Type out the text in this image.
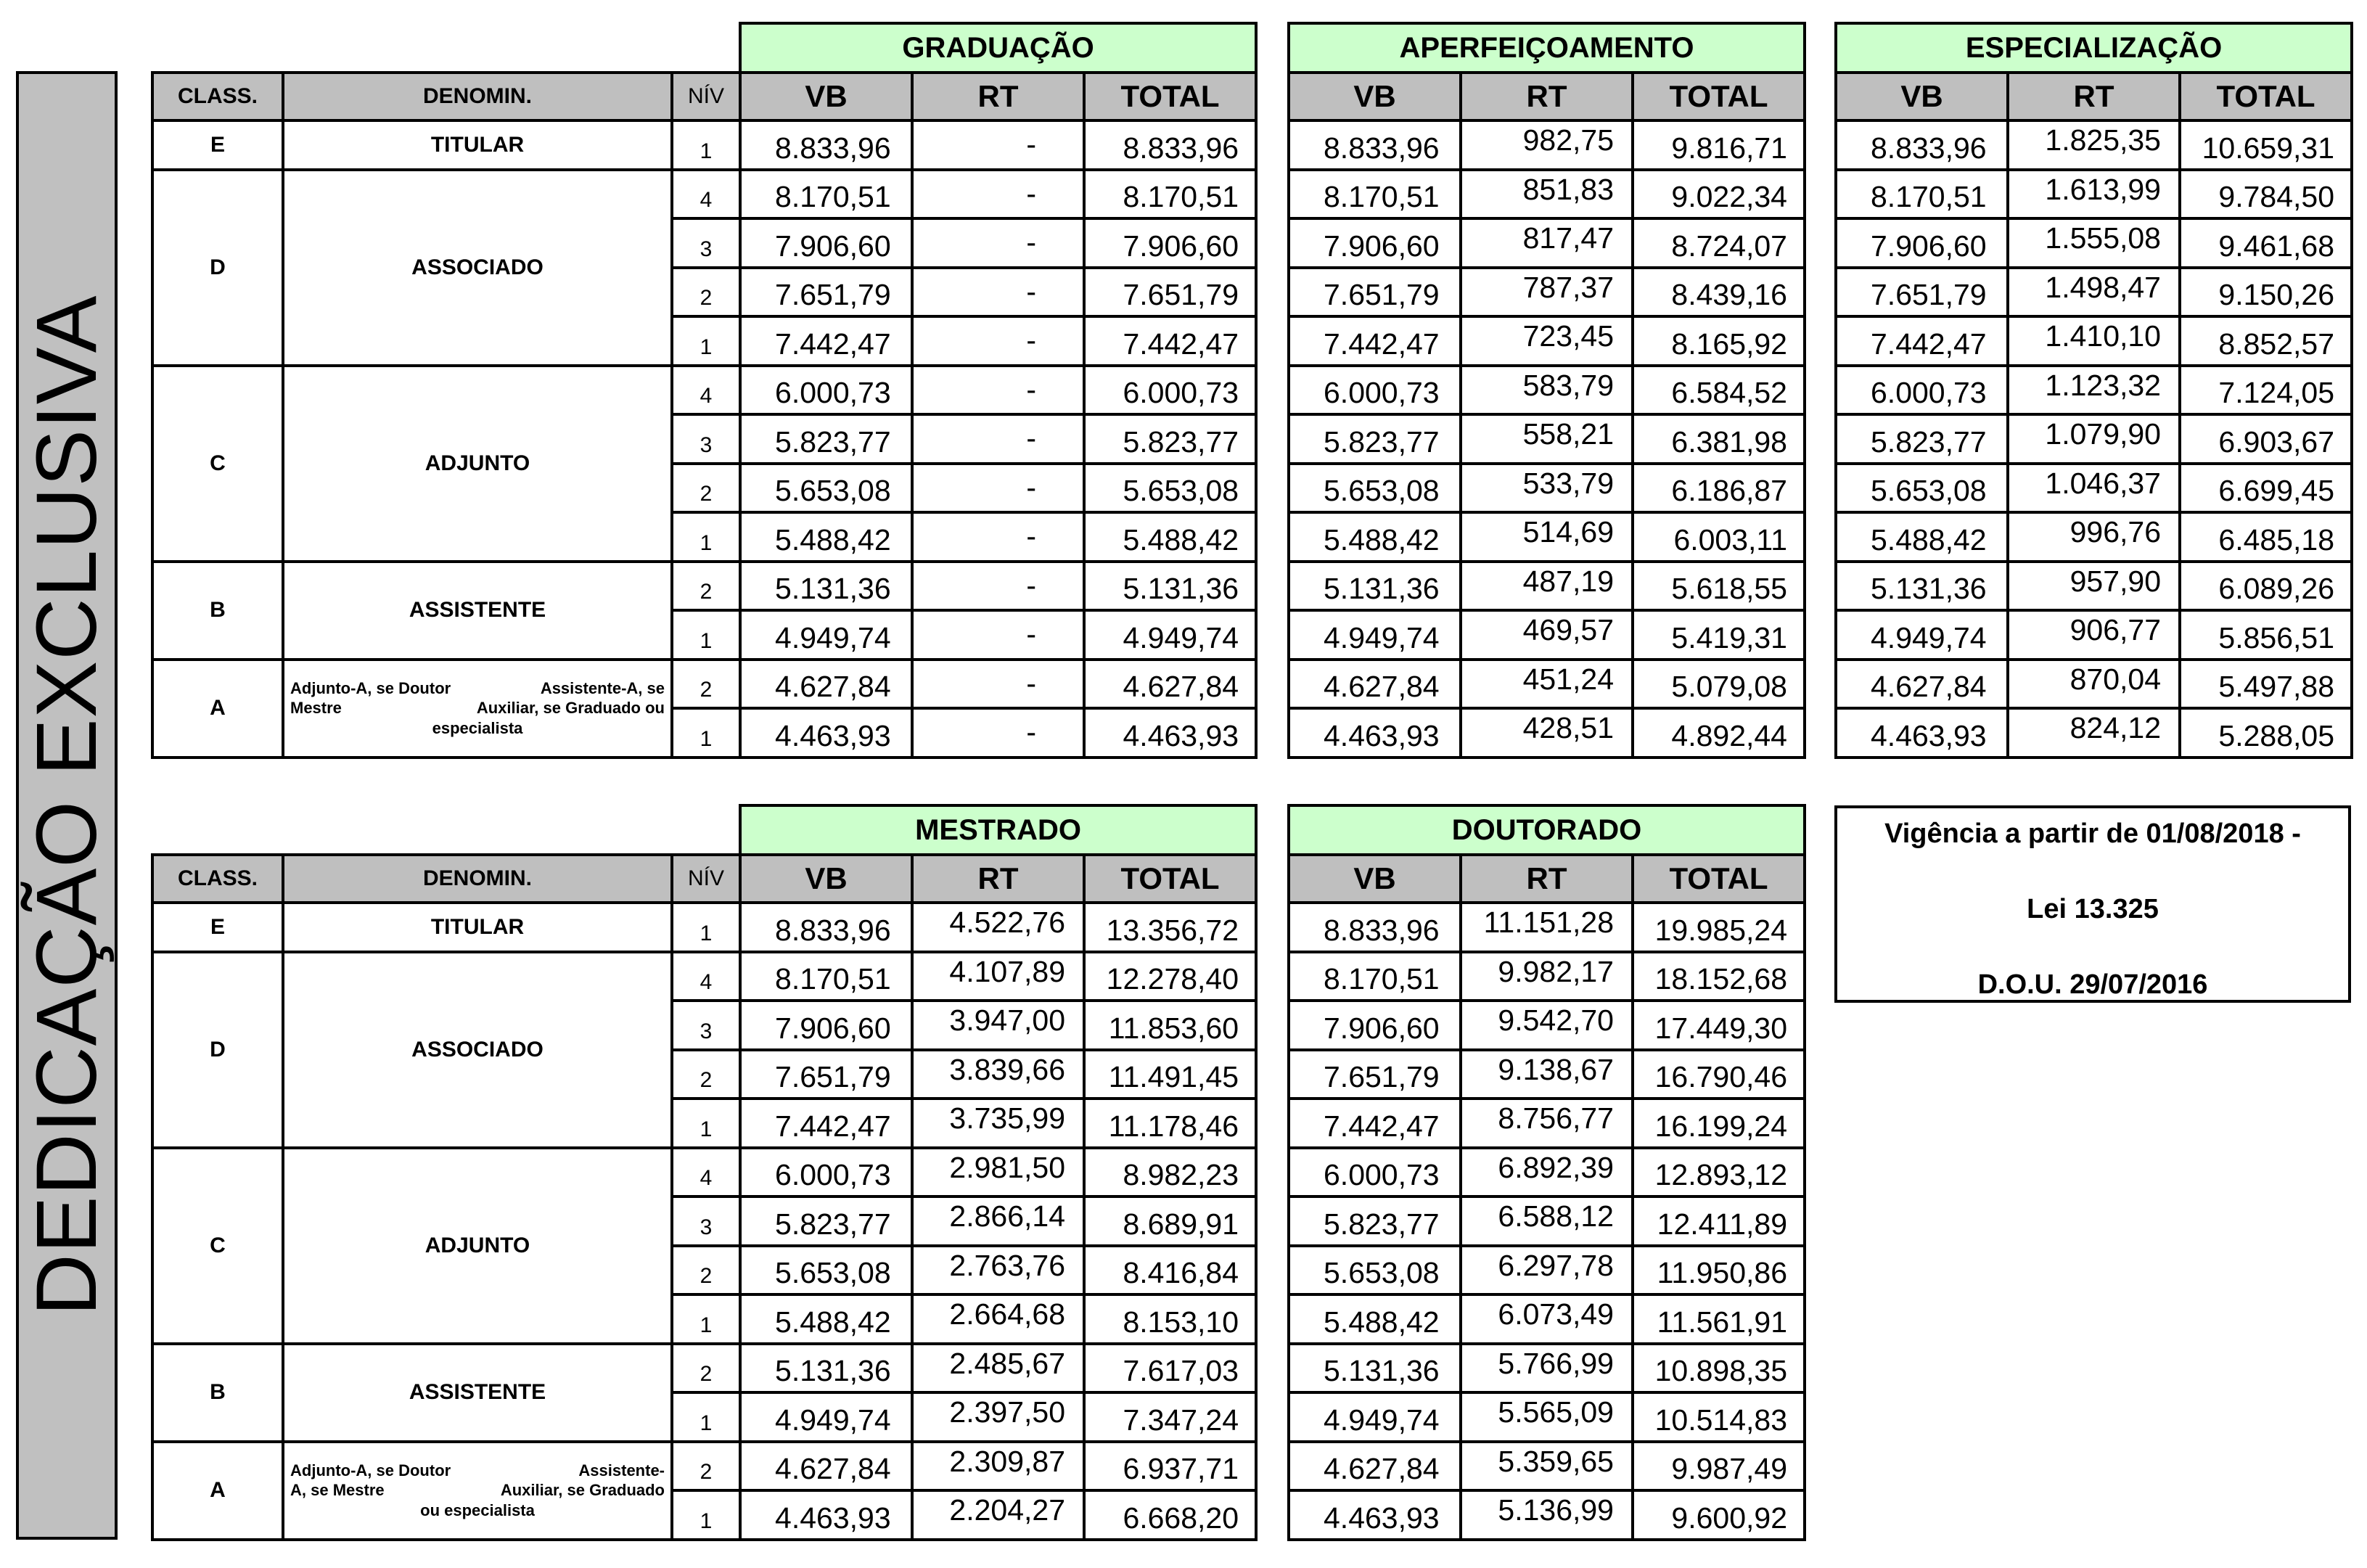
DEDICAÇÃO EXCLUSIVA
			GRADUAÇÃO		
CLASS.	DENOMIN.	NÍV	VB	RT	TOTAL
E	TITULAR	1	8.833,96	-	8.833,96
D	ASSOCIADO	4	8.170,51	-	8.170,51
		3	7.906,60	-	7.906,60
		2	7.651,79	-	7.651,79
		1	7.442,47	-	7.442,47
C	ADJUNTO	4	6.000,73	-	6.000,73
		3	5.823,77	-	5.823,77
		2	5.653,08	-	5.653,08
		1	5.488,42	-	5.488,42
B	ASSISTENTE	2	5.131,36	-	5.131,36
		1	4.949,74	-	4.949,74
A	Adjunto-A, se Doutor Assistente-A, se
Mestre Auxiliar, se Graduado ou
especialista	2	4.627,84	-	4.627,84
		1	4.463,93	-	4.463,93
APERFEIÇOAMENTO		
VB	RT	TOTAL
8.833,96	982,75	9.816,71
8.170,51	851,83	9.022,34
7.906,60	817,47	8.724,07
7.651,79	787,37	8.439,16
7.442,47	723,45	8.165,92
6.000,73	583,79	6.584,52
5.823,77	558,21	6.381,98
5.653,08	533,79	6.186,87
5.488,42	514,69	6.003,11
5.131,36	487,19	5.618,55
4.949,74	469,57	5.419,31
4.627,84	451,24	5.079,08
4.463,93	428,51	4.892,44
ESPECIALIZAÇÃO		
VB	RT	TOTAL
8.833,96	1.825,35	10.659,31
8.170,51	1.613,99	9.784,50
7.906,60	1.555,08	9.461,68
7.651,79	1.498,47	9.150,26
7.442,47	1.410,10	8.852,57
6.000,73	1.123,32	7.124,05
5.823,77	1.079,90	6.903,67
5.653,08	1.046,37	6.699,45
5.488,42	996,76	6.485,18
5.131,36	957,90	6.089,26
4.949,74	906,77	5.856,51
4.627,84	870,04	5.497,88
4.463,93	824,12	5.288,05
			MESTRADO		
CLASS.	DENOMIN.	NÍV	VB	RT	TOTAL
E	TITULAR	1	8.833,96	4.522,76	13.356,72
D	ASSOCIADO	4	8.170,51	4.107,89	12.278,40
		3	7.906,60	3.947,00	11.853,60
		2	7.651,79	3.839,66	11.491,45
		1	7.442,47	3.735,99	11.178,46
C	ADJUNTO	4	6.000,73	2.981,50	8.982,23
		3	5.823,77	2.866,14	8.689,91
		2	5.653,08	2.763,76	8.416,84
		1	5.488,42	2.664,68	8.153,10
B	ASSISTENTE	2	5.131,36	2.485,67	7.617,03
		1	4.949,74	2.397,50	7.347,24
A	Adjunto-A, se Doutor Assistente-
A, se Mestre Auxiliar, se Graduado
ou especialista	2	4.627,84	2.309,87	6.937,71
		1	4.463,93	2.204,27	6.668,20
DOUTORADO		
VB	RT	TOTAL
8.833,96	11.151,28	19.985,24
8.170,51	9.982,17	18.152,68
7.906,60	9.542,70	17.449,30
7.651,79	9.138,67	16.790,46
7.442,47	8.756,77	16.199,24
6.000,73	6.892,39	12.893,12
5.823,77	6.588,12	12.411,89
5.653,08	6.297,78	11.950,86
5.488,42	6.073,49	11.561,91
5.131,36	5.766,99	10.898,35
4.949,74	5.565,09	10.514,83
4.627,84	5.359,65	9.987,49
4.463,93	5.136,99	9.600,92
Vigência a partir de 01/08/2018 -
Lei 13.325
D.O.U. 29/07/2016
